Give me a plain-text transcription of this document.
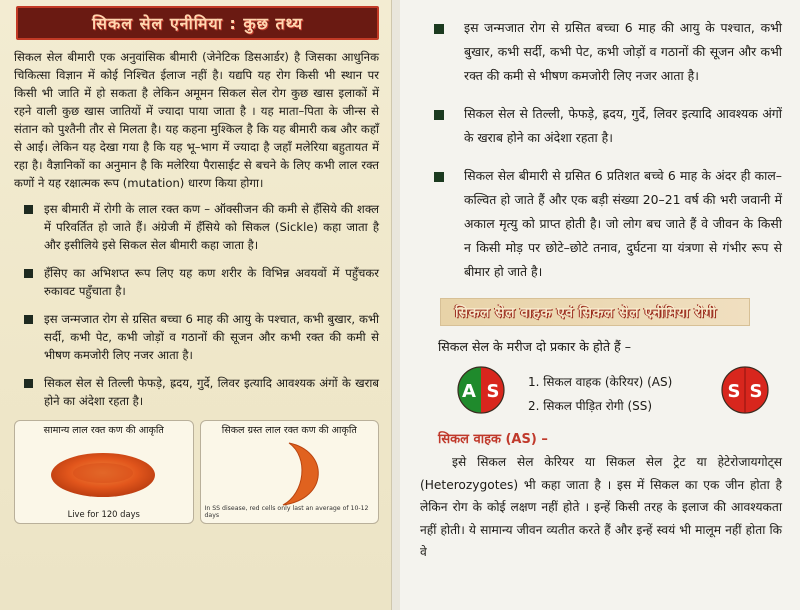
सिकल सेल एनीमिया : कुछ तथ्य

सिकल सेल बीमारी एक अनुवांसिक बीमारी (जेनेटिक डिसआर्डर) है जिसका आधुनिक चिकित्सा विज्ञान में कोई निश्चित ईलाज नहीं है। यद्यपि यह रोग किसी भी स्थान पर किसी भी जाति में हो सकता है लेकिन अमूमन सिकल सेल रोग कुछ खास इलाकों में रहने वाली कुछ खास जातियों में ज्यादा पाया जाता है । यह माता–पिता के जीन्स से संतान को पुश्तैनी तौर से मिलता है। यह कहना मुश्किल है कि यह बीमारी कब और कहाँ से आई। लेकिन यह देखा गया है कि यह भू–भाग में ज्यादा है जहाँ मलेरिया बहुतायत में रहा है। वैज्ञानिकों का अनुमान है कि मलेरिया पैरासाईट से बचने के लिए कभी लाल रक्त कणों ने यह रक्षात्मक रूप (mutation) धारण किया होगा।

इस बीमारी में रोगी के लाल रक्त कण – ऑक्सीजन की कमी से हँसिये की शक्ल में परिवर्तित हो जाते हैं। अंग्रेजी में हँसिये को सिकल (Sickle) कहा जाता है और इसीलिये इसे सिकल सेल बीमारी कहा जाता है।
हँसिए का अभिशप्त रूप लिए यह कण शरीर के विभिन्न अवयवों में पहुँचकर रुकावट पहुँचाता है।
इस जन्मजात रोग से ग्रसित बच्चा 6 माह की आयु के पश्चात, कभी बुखार, कभी सर्दी, कभी पेट, कभी जोड़ों व गठानों की सूजन और कभी रक्त की कमी से भीषण कमजोरी लिए नजर आता है।
सिकल सेल से तिल्ली फेफड़े, ह्रदय, गुर्दे, लिवर इत्यादि आवश्यक अंगों के खराब होने का अंदेशा रहता है।
सामान्य लाल रक्त कण की आकृति
Live for 120 days
सिकल ग्रस्त लाल रक्त कण की आकृति
In SS disease, red cells only last an average of 10-12 days
इस जन्मजात रोग से ग्रसित बच्चा 6 माह की आयु के पश्चात, कभी बुखार, कभी सर्दी, कभी पेट, कभी जोड़ों व गठानों की सूजन और कभी रक्त की कमी से भीषण कमजोरी लिए नजर आता है।
सिकल सेल से तिल्ली, फेफड़े, ह्रदय, गुर्दे, लिवर इत्यादि आवश्यक अंगों के खराब होने का अंदेशा रहता है।
सिकल सेल बीमारी से ग्रसित 6 प्रतिशत बच्चे 6 माह के अंदर ही काल–कल्वित हो जाते हैं और एक बड़ी संख्या 20–21 वर्ष की भरी जवानी में अकाल मृत्यु को प्राप्त होती है। जो लोग बच जाते हैं वे जीवन के किसी न किसी मोड़ पर छोटे–छोटे तनाव, दुर्घटना या यंत्रणा से गंभीर रूप से बीमार हो जाते है।
सिकल सेल वाहक एवं सिकल सेल एनीमिया रोगी
सिकल सेल के मरीज दो प्रकार के होते हैं –
A S 1. सिकल वाहक (केरियर) (AS)
2. सिकल पीड़ित रोगी (SS)
S S
सिकल वाहक (AS) –

इसे सिकल सेल केरियर या सिकल सेल ट्रेट या हेटेरोजायगोट्स (Heterozygotes) भी कहा जाता है । इस में सिकल का एक जीन होता है लेकिन रोग के कोई लक्षण नहीं होते । इन्हें किसी तरह के इलाज की आवश्यकता नहीं होती। ये सामान्य जीवन व्यतीत करते हैं और इन्हें स्वयं भी मालूम नहीं होता कि वे
